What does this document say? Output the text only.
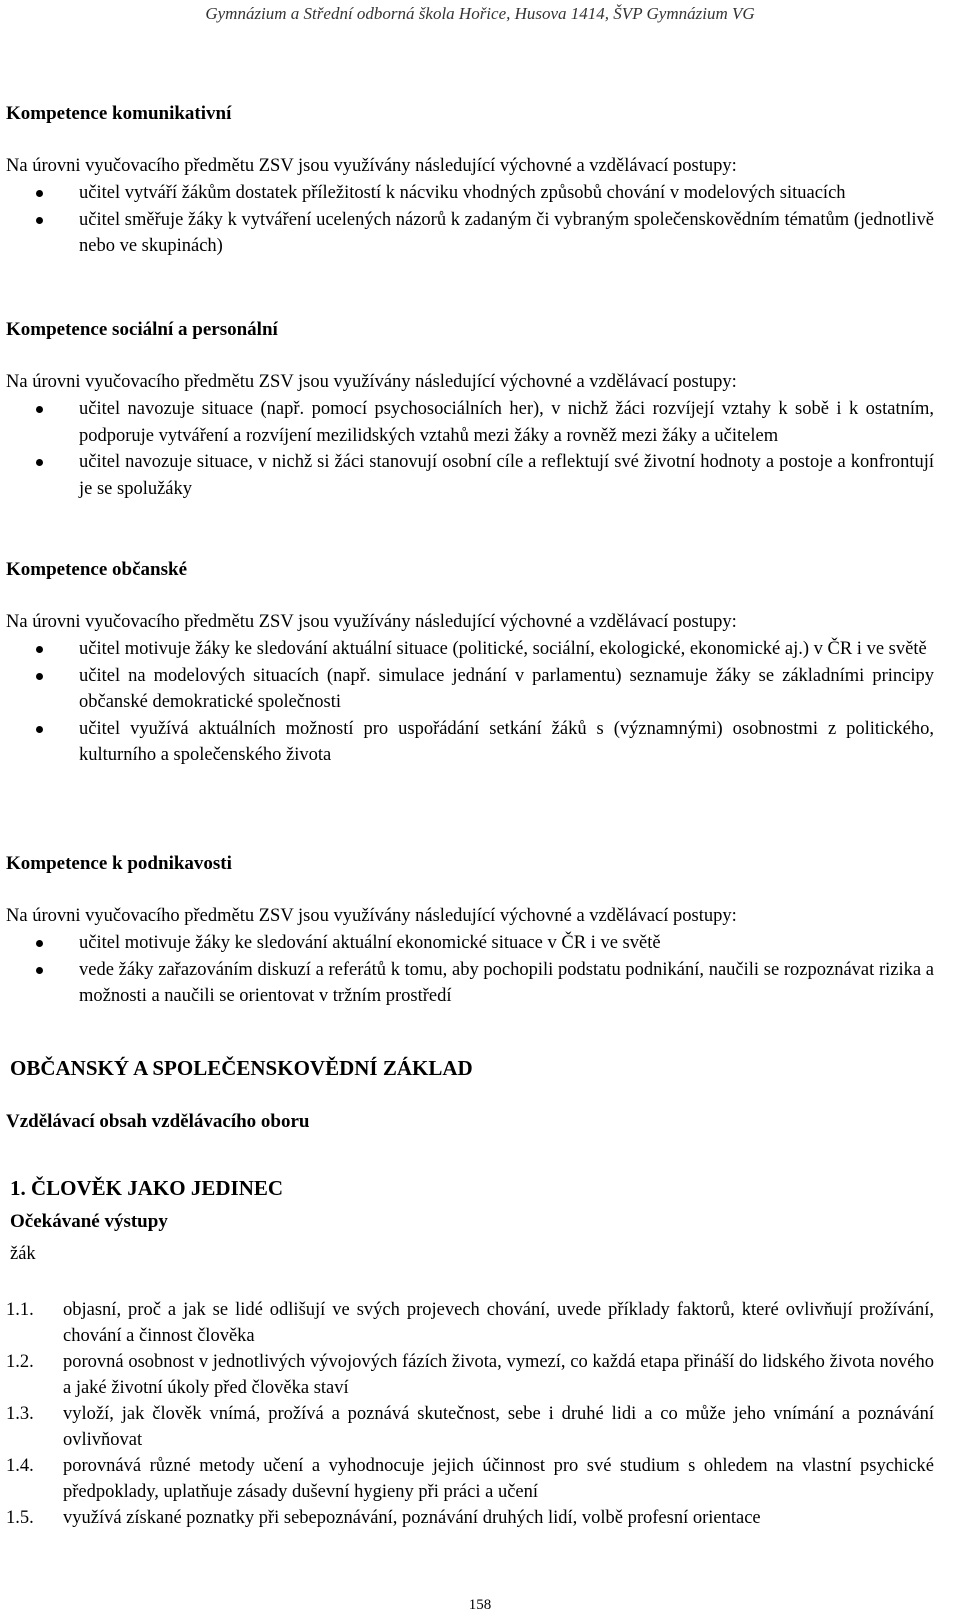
Gymnázium a Střední odborná škola Hořice, Husova 1414, ŠVP Gymnázium VG
Kompetence komunikativní
Na úrovni vyučovacího předmětu ZSV jsou využívány následující výchovné a vzdělávací postupy:
učitel vytváří žákům dostatek příležitostí k nácviku vhodných způsobů chování v modelových situacích
učitel směřuje žáky k vytváření ucelených názorů k zadaným či vybraným společenskovědním tématům (jednotlivě nebo ve skupinách)
Kompetence sociální a personální
Na úrovni vyučovacího předmětu ZSV jsou využívány následující výchovné a vzdělávací postupy:
učitel navozuje situace (např. pomocí psychosociálních her), v nichž žáci rozvíjejí vztahy k sobě i k ostatním, podporuje vytváření a rozvíjení mezilidských vztahů mezi žáky a rovněž mezi žáky a učitelem
učitel navozuje situace, v nichž si žáci stanovují osobní cíle a reflektují své životní hodnoty a postoje a konfrontují je se spolužáky
Kompetence občanské
Na úrovni vyučovacího předmětu ZSV jsou využívány následující výchovné a vzdělávací postupy:
učitel motivuje žáky ke sledování aktuální situace (politické, sociální, ekologické, ekonomické aj.) v ČR i ve světě
učitel na modelových situacích (např. simulace jednání v parlamentu) seznamuje žáky se základními principy občanské demokratické společnosti
učitel využívá aktuálních možností pro uspořádání setkání žáků s (významnými) osobnostmi z politického, kulturního a společenského života
Kompetence k podnikavosti
Na úrovni vyučovacího předmětu ZSV jsou využívány následující výchovné a vzdělávací postupy:
učitel motivuje žáky ke sledování aktuální ekonomické situace v ČR i ve světě
vede žáky zařazováním diskuzí a referátů k tomu, aby pochopili podstatu podnikání, naučili se rozpoznávat rizika a možnosti a naučili se orientovat v tržním prostředí
OBČANSKÝ A SPOLEČENSKOVĚDNÍ ZÁKLAD
Vzdělávací obsah vzdělávacího oboru
1. ČLOVĚK JAKO JEDINEC
Očekávané výstupy
žák
1.1. objasní, proč a jak se lidé odlišují ve svých projevech chování, uvede příklady faktorů, které ovlivňují prožívání, chování a činnost člověka
1.2. porovná osobnost v jednotlivých vývojových fázích života, vymezí, co každá etapa přináší do lidského života nového a jaké životní úkoly před člověka staví
1.3. vyloží, jak člověk vnímá, prožívá a poznává skutečnost, sebe i druhé lidi a co může jeho vnímání a poznávání ovlivňovat
1.4. porovnává různé metody učení a vyhodnocuje jejich účinnost pro své studium s ohledem na vlastní psychické předpoklady, uplatňuje zásady duševní hygieny při práci a učení
1.5. využívá získané poznatky při sebepoznávání, poznávání druhých lidí, volbě profesní orientace
158
